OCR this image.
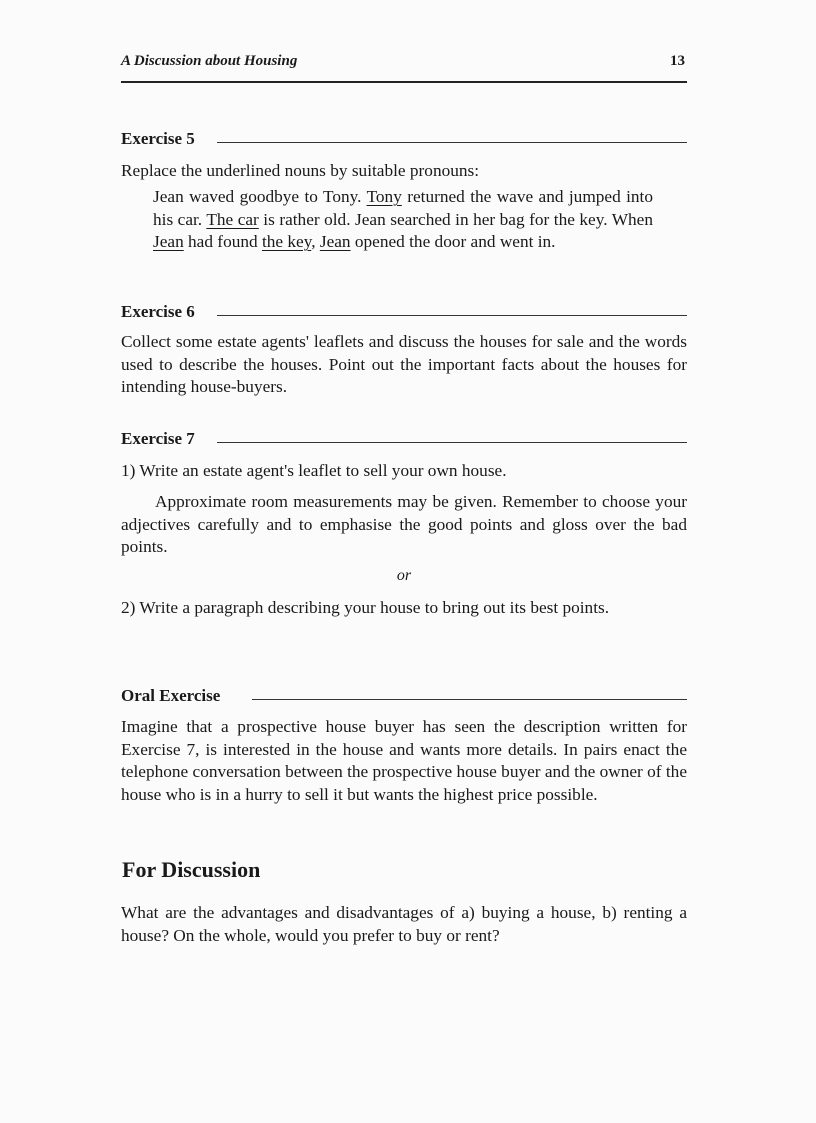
A Discussion about Housing	13
Exercise 5

Replace the underlined nouns by suitable pronouns:

Jean waved goodbye to Tony. Tony returned the wave and jumped into his car. The car is rather old. Jean searched in her bag for the key. When Jean had found the key, Jean opened the door and went in.

Exercise 6

Collect some estate agents' leaflets and discuss the houses for sale and the words used to describe the houses. Point out the important facts about the houses for intending house-buyers.

Exercise 7

1) Write an estate agent's leaflet to sell your own house.

Approximate room measurements may be given. Remember to choose your adjectives carefully and to emphasise the good points and gloss over the bad points.

or

2) Write a paragraph describing your house to bring out its best points.

Oral Exercise

Imagine that a prospective house buyer has seen the description written for Exercise 7, is interested in the house and wants more details. In pairs enact the telephone conversation between the prospective house buyer and the owner of the house who is in a hurry to sell it but wants the highest price possible.

For Discussion

What are the advantages and disadvantages of a) buying a house, b) renting a house? On the whole, would you prefer to buy or rent?
